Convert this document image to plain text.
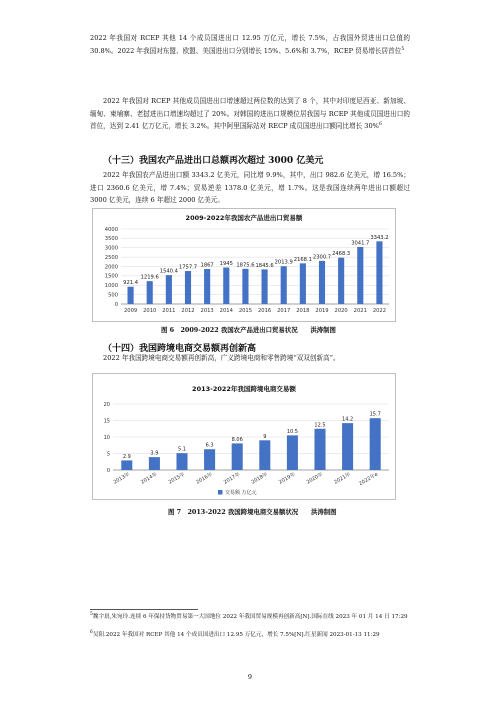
2022 年我国对 RCEP 其他 14 个成员国进出口 12.95 万亿元，增长 7.5%，占我国外贸进出口总值的 30.8%。2022 年我国对东盟、欧盟、美国进出口分别增长 15%、5.6%和 3.7%，RCEP 贸易增长居首位$^5$

2022 年我国对 RCEP 其他成员国进出口增速超过两位数的达到了 8 个，其中对印度尼西亚、新加坡、缅甸、柬埔寨、老挝进出口增速均超过了 20%。对韩国的进出口规模位居我国与 RCEP 其他成员国进出口的首位，达到 2.41 亿万亿元，增长 3.2%。其中阿里国际站对 RECP 成员国进出口额同比增长 30%$^6$

（十三）我国农产品进出口总额再次超过 3000 亿美元

2022 年我国农产品进出口额 3343.2 亿美元，同比增 9.9%，其中，出口 982.6 亿美元，增 16.5%；进口 2360.6 亿美元，增 7.4%；贸易逆差 1378.0 亿美元，增 1.7%。这是我国连续两年进出口额超过 3000 亿美元，连续 6 年超过 2000 亿美元。

2009-2022年我国农产品进出口贸易额
0
500
1000
1500
2000
2500
3000
3500
4000
921.4
2009
1219.6
2010
1540.4
2011
1757.7
2012
1867
2013
1945
2014
1875.6
2015
1845.6
2016
2013.9
2017
2168.1
2018
2300.7
2019
2468.3
2020
3041.7
2021
3343.2
2022

图 6　2009-2022 我国农产品进出口贸易状况　　洪涛制图

（十四）我国跨境电商交易额再创新高

2022 年我国跨境电商交易额再创新高，广义跨境电商和零售跨境“双双创新高”。

2013-2022年我国跨境电商交易额
0
5
10
15
20
2.9
2013年
3.9
2014年
5.1
2015年
6.3
2016年
8.06
2017年
9
2018年
10.5
2019年
12.5
2020年
14.2
2021年
15.7
2022年e
交易额 万亿元

图 7　2013-2022 我国跨境电商交易额状况　　洪涛制图

$^5$魏宇晨,朱宛玲.连续 6 年保持货物贸易第一大国地位 2022 年我国贸易规模再创新高[N].国际在线 2023 年 01 月 14 日 17:29

$^6$吴阳.2022 年我国对 RCEP 其他 14 个成员国进出口 12.95 万亿元，增长 7.5%[N].红星新闻 2023-01-13 11:29

9
